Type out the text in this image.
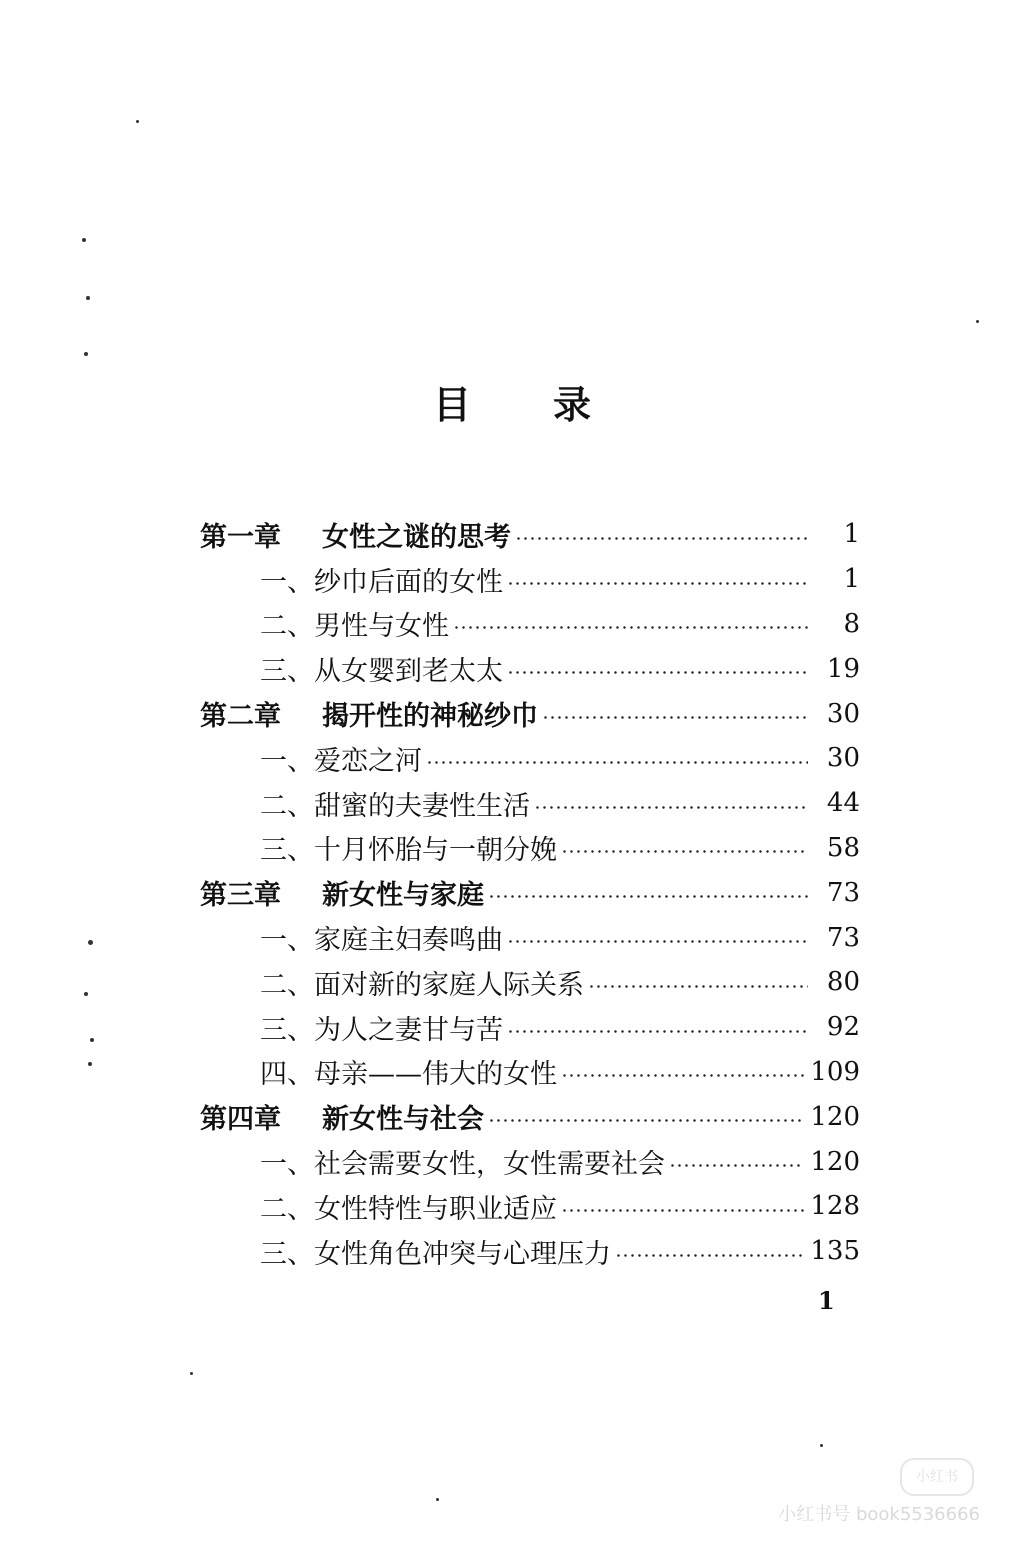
目 录
第一章	女性之谜的思考	1
一、纱巾后面的女性	1
二、男性与女性	8
三、从女婴到老太太	19
第二章	揭开性的神秘纱巾	30
一、爱恋之河	30
二、甜蜜的夫妻性生活	44
三、十月怀胎与一朝分娩	58
第三章	新女性与家庭	73
一、家庭主妇奏鸣曲	73
二、面对新的家庭人际关系	80
三、为人之妻甘与苦	92
四、母亲——伟大的女性	109
第四章	新女性与社会	120
一、社会需要女性，女性需要社会	120
二、女性特性与职业适应	128
三、女性角色冲突与心理压力	135
1
小红书
小红书号 book5536666
